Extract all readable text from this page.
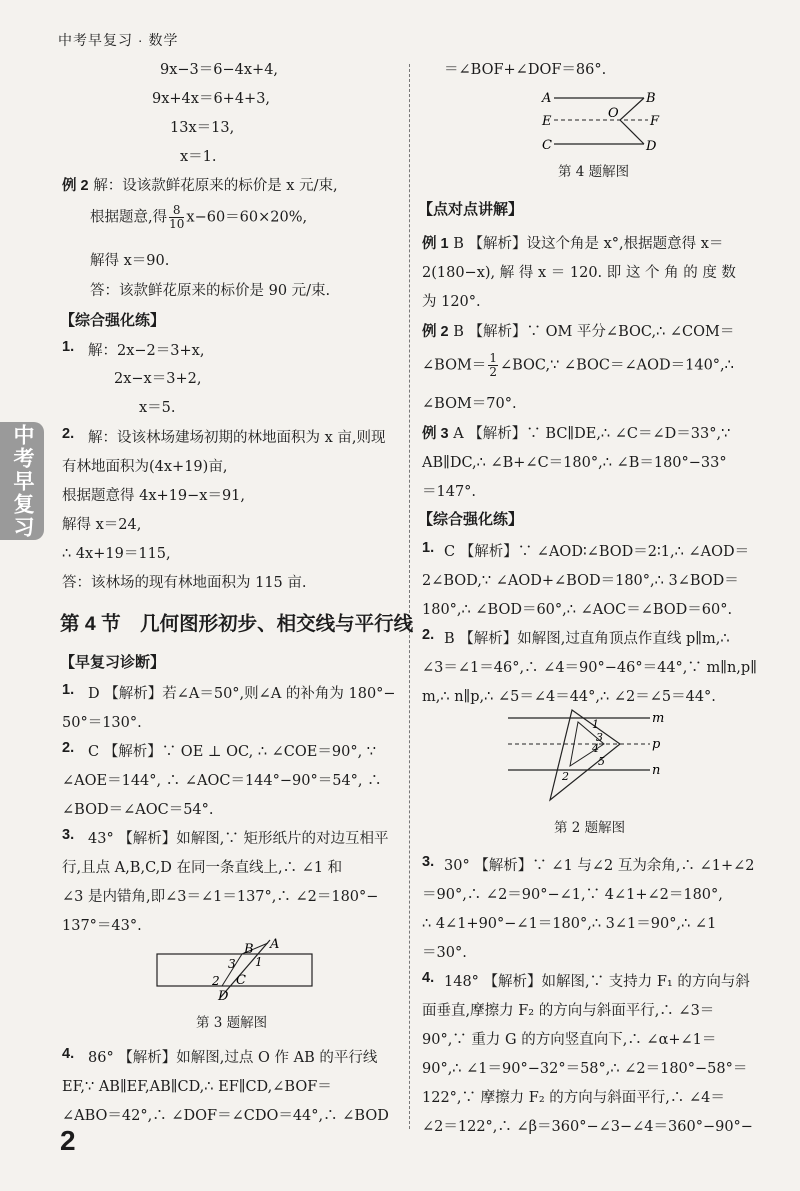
中考早复习 · 数学
中考早复习
2
9x−3＝6−4x+4,
9x+4x＝6+4+3,
13x＝13,
x＝1.
例 2 解：设该款鲜花原来的标价是 x 元/束,
根据题意,得 $\frac{8}{10} x-60=60\times 20\%$,
解得 x＝90.
答：该款鲜花原来的标价是 90 元/束.
【综合强化练】
1. 解：2x−2＝3+x,
2x−x＝3+2,
x＝5.
2. 解：设该林场建场初期的林地面积为 x 亩,则现
有林地面积为(4x+19)亩,
根据题意得 4x+19−x＝91,
解得 x＝24,
∴ 4x+19＝115,
答：该林场的现有林地面积为 115 亩.
第 4 节　几何图形初步、相交线与平行线
【早复习诊断】
1. D 【解析】若∠A＝50°,则∠A 的补角为 180°−
50°＝130°.
2. C 【解析】∵ OE ⊥ OC, ∴ ∠COE＝90°, ∵
∠AOE＝144°, ∴ ∠AOC＝144°−90°＝54°, ∴
∠BOD＝∠AOC＝54°.
3. 43° 【解析】如解图,∵ 矩形纸片的对边互相平
行,且点 A,B,C,D 在同一条直线上,∴ ∠1 和
∠3 是内错角,即∠3＝∠1＝137°,∴ ∠2＝180°−
137°＝43°.
A
B
1
3
C
2
D
第 3 题解图
4. 86° 【解析】如解图,过点 O 作 AB 的平行线
EF,∵ AB∥EF,AB∥CD,∴ EF∥CD,∠BOF＝
∠ABO＝42°,∴ ∠DOF＝∠CDO＝44°,∴ ∠BOD
＝∠BOF+∠DOF＝86°.
A	B
E
O
F
C	D
第 4 题解图
【点对点讲解】
例 1 B 【解析】设这个角是 x°,根据题意得 x＝
2(180−x), 解 得 x ＝ 120. 即 这 个 角 的 度 数
为 120°.
例 2 B 【解析】∵ OM 平分∠BOC,∴ ∠COM＝
∠BOM＝ $\frac{1}{2}$ ∠BOC,∵ ∠BOC＝∠AOD＝140°,∴
∠BOM＝70°.
例 3 A 【解析】∵ BC∥DE,∴ ∠C＝∠D＝33°,∵
AB∥DC,∴ ∠B+∠C＝180°,∴ ∠B＝180°−33°
＝147°.
【综合强化练】
1. C 【解析】∵ ∠AOD∶∠BOD＝2∶1,∴ ∠AOD＝
2∠BOD,∵ ∠AOD+∠BOD＝180°,∴ 3∠BOD＝
180°,∴ ∠BOD＝60°,∴ ∠AOC＝∠BOD＝60°.
2. B 【解析】如解图,过直角顶点作直线 p∥m,∴
∠3＝∠1＝46°,∴ ∠4＝90°−46°＝44°,∵ m∥n,p∥
m,∴ n∥p,∴ ∠5＝∠4＝44°,∴ ∠2＝∠5＝44°.
m
p
n
1
3
4
5
2
第 2 题解图
3. 30° 【解析】∵ ∠1 与∠2 互为余角,∴ ∠1+∠2
＝90°,∴ ∠2＝90°−∠1,∵ 4∠1+∠2＝180°,
∴ 4∠1+90°−∠1＝180°,∴ 3∠1＝90°,∴ ∠1
＝30°.
4. 148° 【解析】如解图,∵ 支持力 F₁ 的方向与斜
面垂直,摩擦力 F₂ 的方向与斜面平行,∴ ∠3＝
90°,∵ 重力 G 的方向竖直向下,∴ ∠α+∠1＝
90°,∴ ∠1＝90°−32°＝58°,∴ ∠2＝180°−58°＝
122°,∵ 摩擦力 F₂ 的方向与斜面平行,∴ ∠4＝
∠2＝122°,∴ ∠β＝360°−∠3−∠4＝360°−90°−
